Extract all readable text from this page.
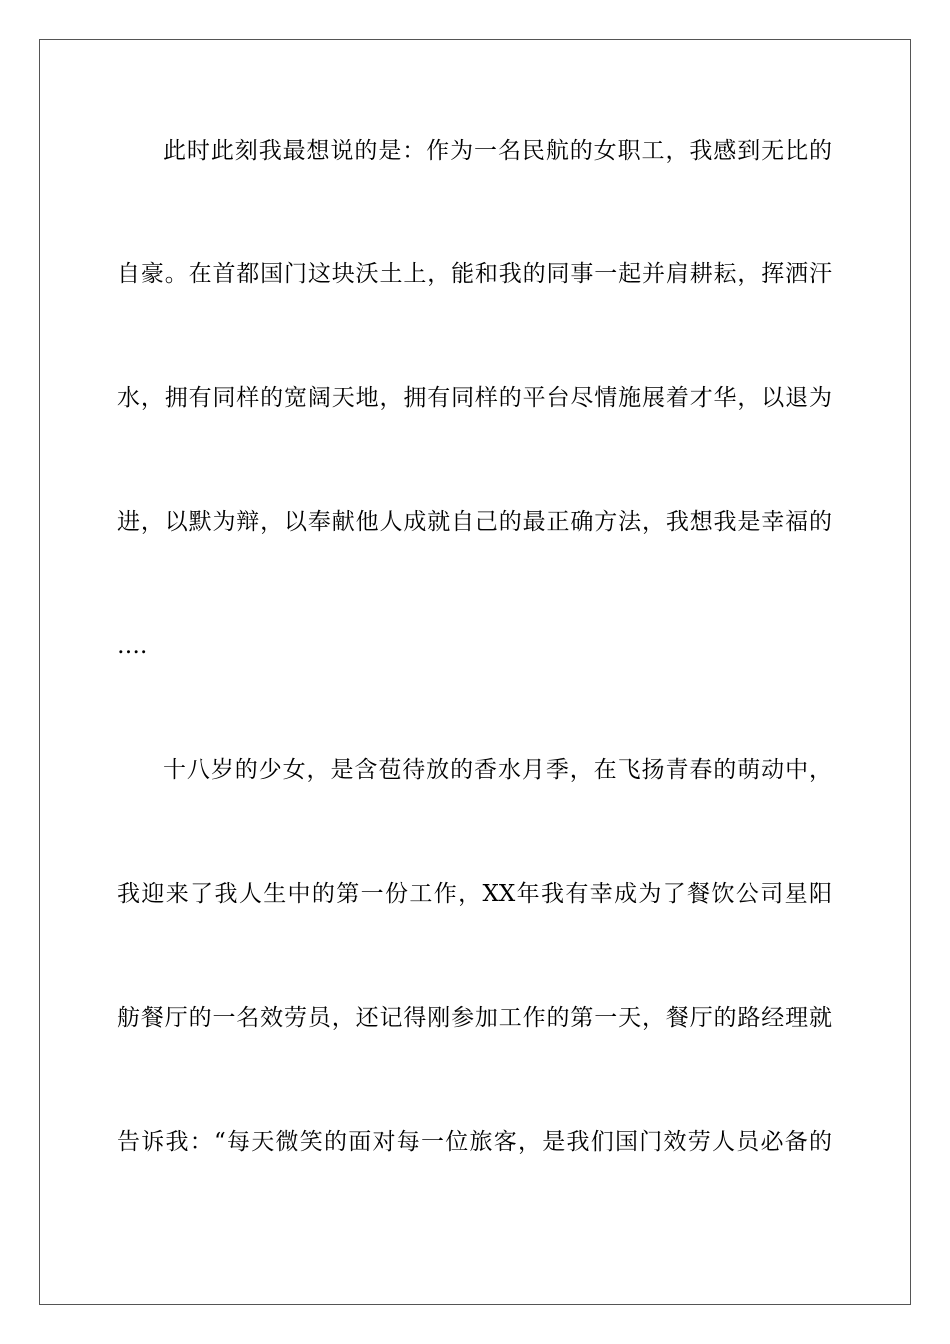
此时此刻我最想说的是：作为一名民航的女职工，我感到无比的
自豪。在首都国门这块沃土上，能和我的同事一起并肩耕耘，挥洒汗
水，拥有同样的宽阔天地，拥有同样的平台尽情施展着才华，以退为
进，以默为辩，以奉献他人成就自己的最正确方法，我想我是幸福的
….
十八岁的少女，是含苞待放的香水月季，在飞扬青春的萌动中，
我迎来了我人生中的第一份工作，XX年我有幸成为了餐饮公司星阳
舫餐厅的一名效劳员，还记得刚参加工作的第一天，餐厅的路经理就
告诉我：“每天微笑的面对每一位旅客，是我们国门效劳人员必备的
